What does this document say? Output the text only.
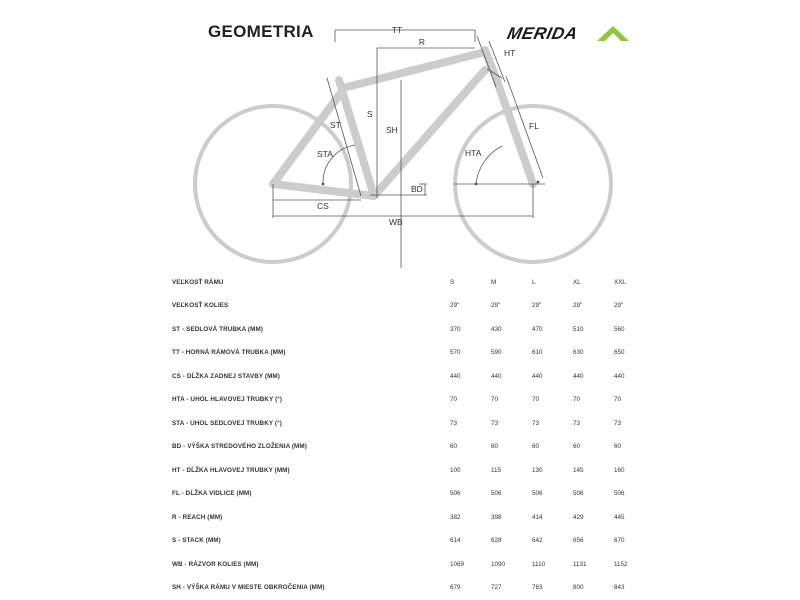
GEOMETRIA	MERIDA
TT
R
HT
ST
S
SH
STA
FL
HTA
BD
CS
WB
VEĽKOSŤ RÁMU	S	M	L	XL	XXL
VEĽKOSŤ KOLIES	29"	29"	29"	29"	29"
ST - SEDLOVÁ TRUBKA (MM)	370	430	470	510	560
TT - HORNÁ RÁMOVÁ TRUBKA (MM)	570	590	610	630	650
CS - DĹŽKA ZADNEJ STAVBY (MM)	440	440	440	440	440
HTA - UHOL HLAVOVEJ TRUBKY (°)	70	70	70	70	70
STA - UHOL SEDLOVEJ TRUBKY (°)	73	73	73	73	73
BD - VÝŠKA STREDOVÉHO ZLOŽENIA (MM)	60	60	60	60	60
HT - DĹŽKA HLAVOVEJ TRUBKY (MM)	100	115	130	145	160
FL - DĹŽKA VIDLICE (MM)	506	506	506	506	506
R - REACH (MM)	382	398	414	429	445
S - STACK (MM)	614	628	642	656	670
WB - RÁZVOR KOLIES (MM)	1069	1090	1110	1131	1152
SH - VÝŠKA RÁMU V MIESTE OBKROČENIA (MM)	679	727	763	800	843
